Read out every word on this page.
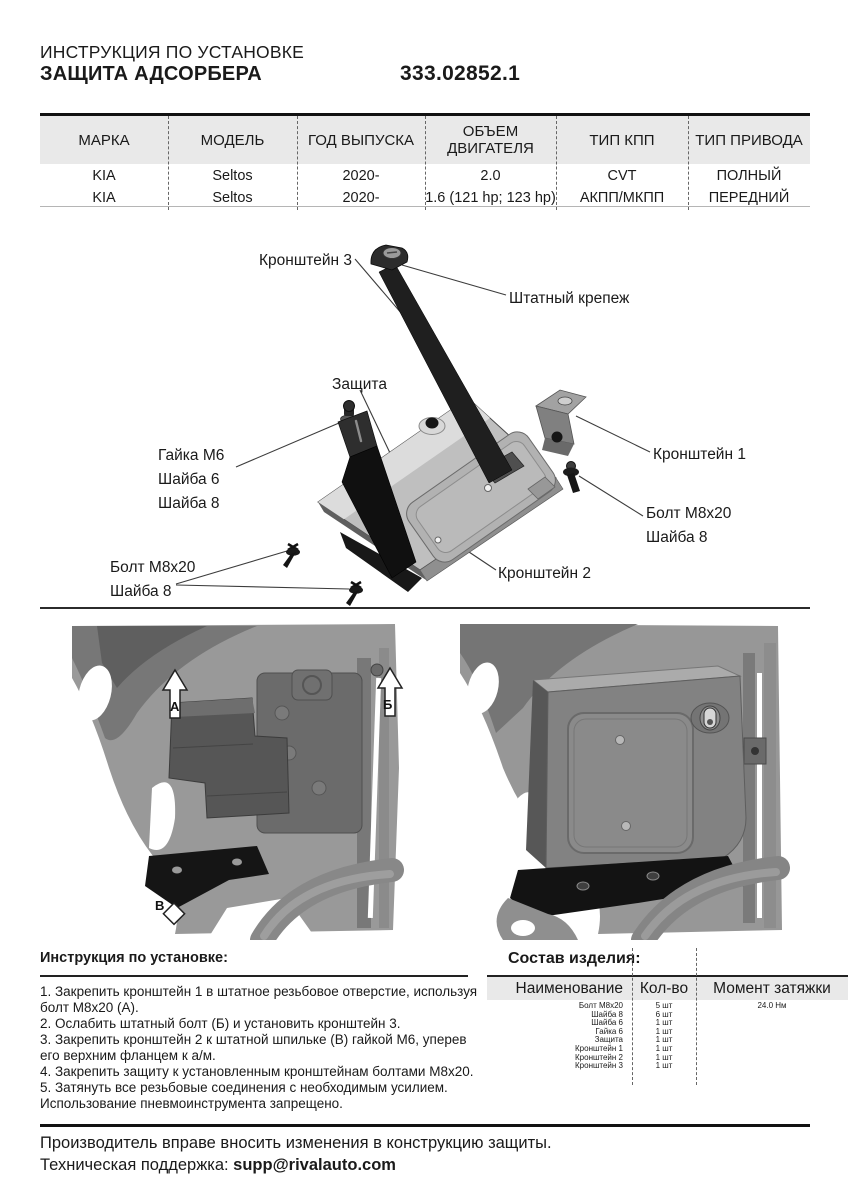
ИНСТРУКЦИЯ ПО УСТАНОВКЕ
ЗАЩИТА АДСОРБЕРА	333.02852.1
МАРКА	МОДЕЛЬ	ГОД ВЫПУСКА	ОБЪЕМ ДВИГАТЕЛЯ	ТИП КПП	ТИП ПРИВОДА
KIA	Seltos	2020-	2.0	CVT	ПОЛНЫЙ
KIA	Seltos	2020-	1.6 (121 hp; 123 hp)	АКПП/МКПП	ПЕРЕДНИЙ
Кронштейн 3
Штатный крепеж
Защита
Гайка М6
Шайба 6
Шайба 8
Кронштейн 1
Болт М8х20
Шайба 8
Кронштейн 2
Болт М8х20
Шайба 8
А	Б
В
Инструкция по установке:
1. Закрепить кронштейн 1 в штатное резьбовое отверстие, используя болт М8х20 (А).
2. Ослабить штатный болт (Б) и установить кронштейн 3.
3. Закрепить кронштейн 2 к штатной шпильке (В) гайкой М6, уперев его верхним фланцем к а/м.
4. Закрепить защиту к установленным кронштейнам болтами М8х20.
5. Затянуть все резьбовые соединения с необходимым усилием.
Использование пневмоинструмента запрещено.
Состав изделия:
Наименование	Кол-во	Момент затяжки
Болт М8х20	5 шт	24.0 Нм
Шайба 8	6 шт
Шайба 6	1 шт
Гайка 6	1 шт
Защита	1 шт
Кронштейн 1	1 шт
Кронштейн 2	1 шт
Кронштейн 3	1 шт
Производитель вправе вносить изменения в конструкцию защиты.
Техническая поддержка: supp@rivalauto.com
